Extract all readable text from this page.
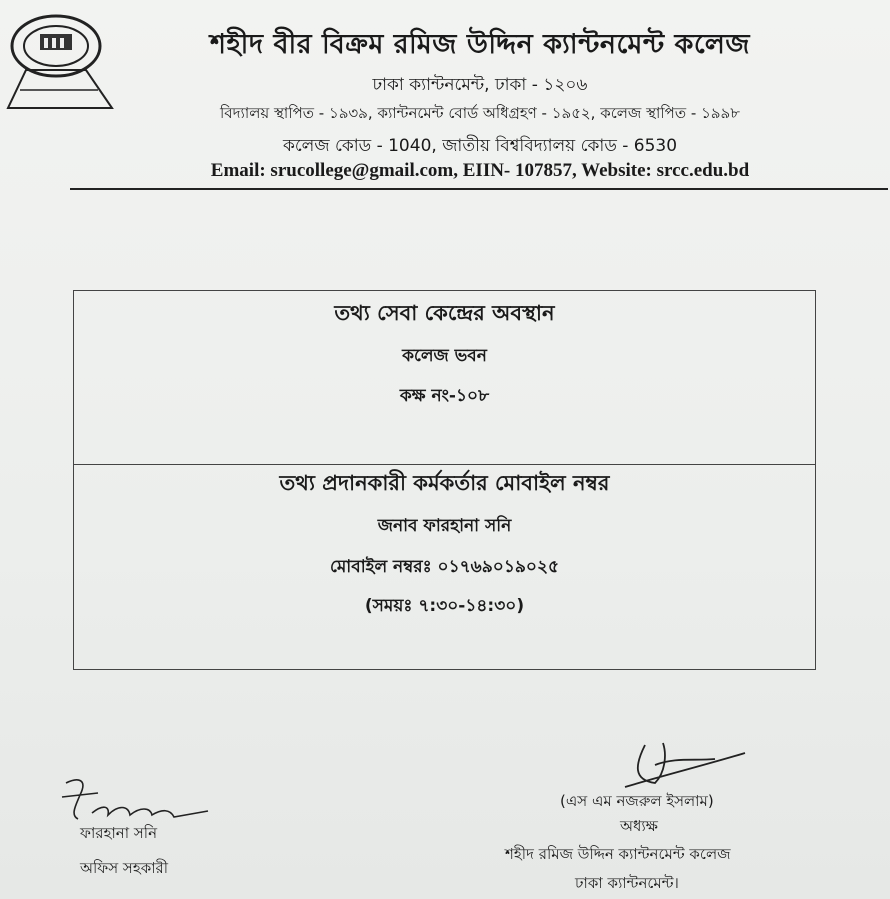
শহীদ বীর বিক্রম রমিজ উদ্দিন ক্যান্টনমেন্ট কলেজ
ঢাকা ক্যান্টনমেন্ট, ঢাকা - ১২০৬
বিদ্যালয় স্থাপিত - ১৯৩৯, ক্যান্টনমেন্ট বোর্ড অধিগ্রহণ - ১৯৫২, কলেজ স্থাপিত - ১৯৯৮
কলেজ কোড - 1040, জাতীয় বিশ্ববিদ্যালয় কোড - 6530
Email: srucollege@gmail.com, EIIN- 107857, Website: srcc.edu.bd
তথ্য সেবা কেন্দ্রের অবস্থান
কলেজ ভবন
কক্ষ নং-১০৮
তথ্য প্রদানকারী কর্মকর্তার মোবাইল নম্বর
জনাব ফারহানা সনি
মোবাইল নম্বরঃ ০১৭৬৯০১৯০২৫
(সময়ঃ ৭:৩০-১৪:৩০)
ফারহানা সনি
অফিস সহকারী
(এস এম নজরুল ইসলাম)
অধ্যক্ষ
শহীদ রমিজ উদ্দিন ক্যান্টনমেন্ট কলেজ
ঢাকা ক্যান্টনমেন্ট।
